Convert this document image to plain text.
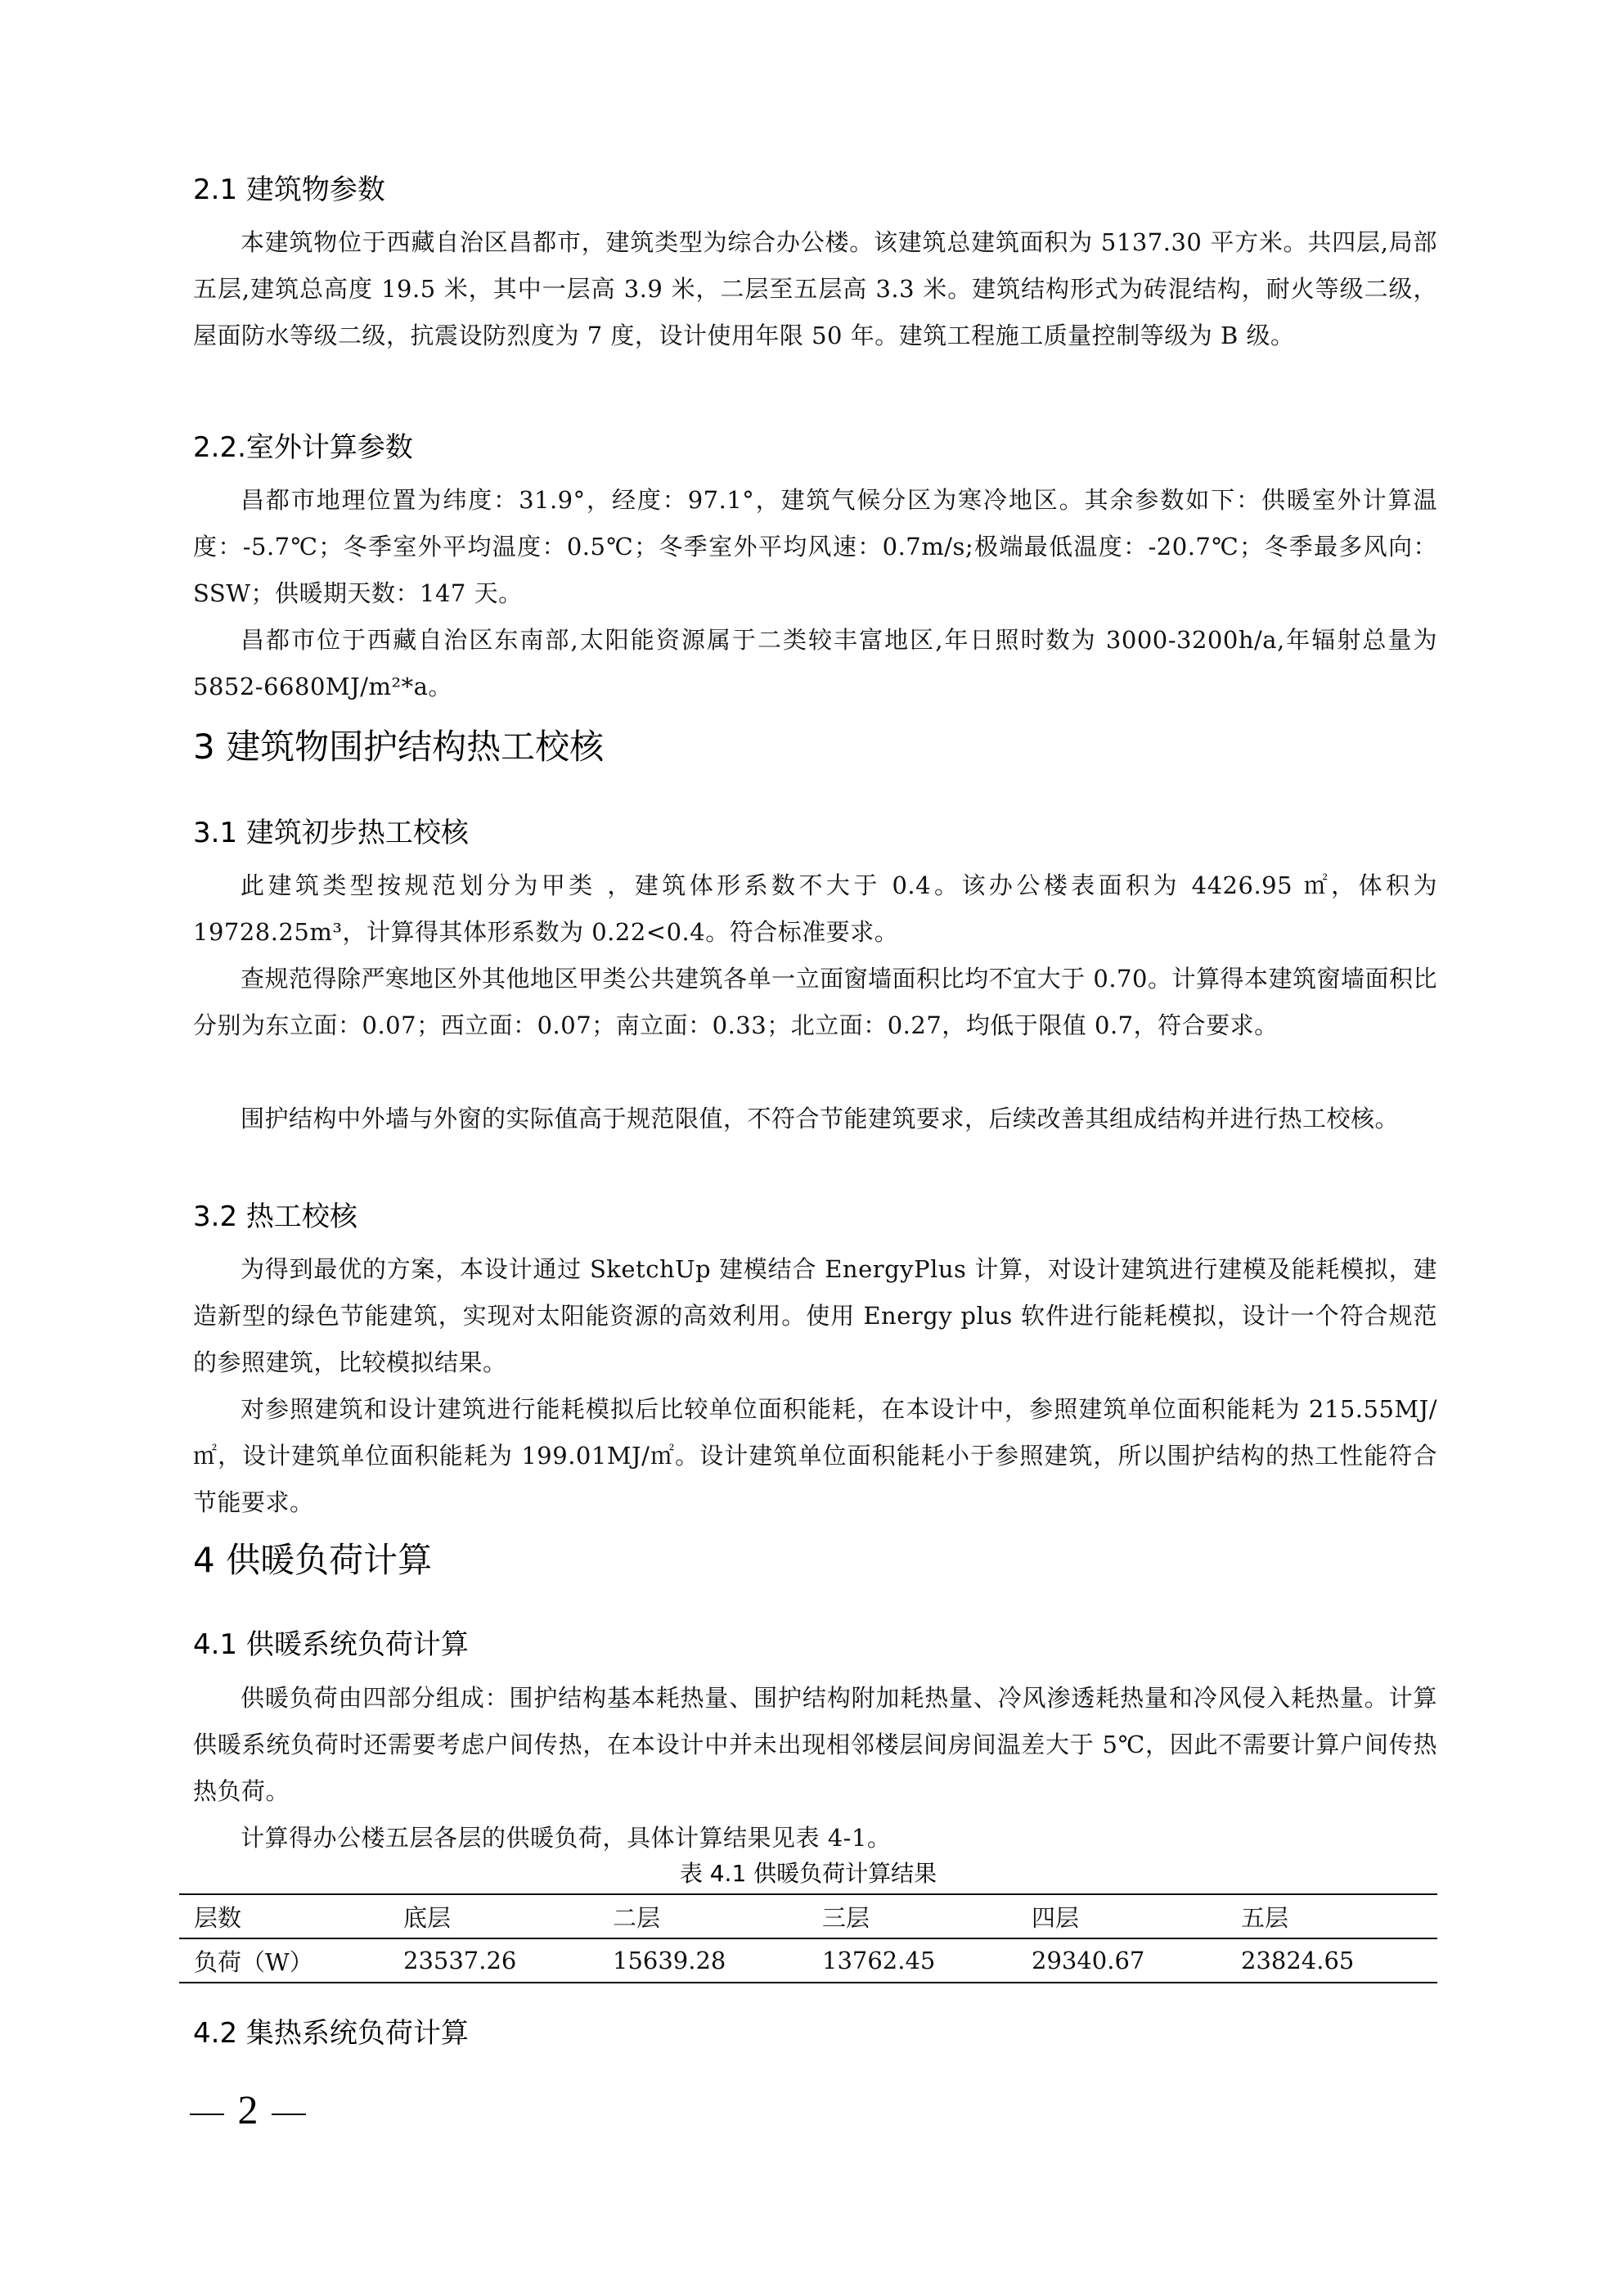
2.1 建筑物参数

本建筑物位于西藏自治区昌都市，建筑类型为综合办公楼。该建筑总建筑面积为 5137.30 平方米。共四层,局部五层,建筑总高度 19.5 米，其中一层高 3.9 米，二层至五层高 3.3 米。建筑结构形式为砖混结构，耐火等级二级，屋面防水等级二级，抗震设防烈度为 7 度，设计使用年限 50 年。建筑工程施工质量控制等级为 B 级。

2.2.室外计算参数

昌都市地理位置为纬度：31.9°，经度：97.1°，建筑气候分区为寒冷地区。其余参数如下：供暖室外计算温度：-5.7℃；冬季室外平均温度：0.5℃；冬季室外平均风速：0.7m/s;极端最低温度：-20.7℃；冬季最多风向：SSW；供暖期天数：147 天。

昌都市位于西藏自治区东南部,太阳能资源属于二类较丰富地区,年日照时数为 3000-3200h/a,年辐射总量为 5852-6680MJ/m²*a。

3 建筑物围护结构热工校核
3.1 建筑初步热工校核

此建筑类型按规范划分为甲类 ，建筑体形系数不大于 0.4。该办公楼表面积为 4426.95 ㎡，体积为 19728.25m³，计算得其体形系数为 0.22<0.4。符合标准要求。

查规范得除严寒地区外其他地区甲类公共建筑各单一立面窗墙面积比均不宜大于 0.70。计算得本建筑窗墙面积比分别为东立面：0.07；西立面：0.07；南立面：0.33；北立面：0.27，均低于限值 0.7，符合要求。

围护结构中外墙与外窗的实际值高于规范限值，不符合节能建筑要求，后续改善其组成结构并进行热工校核。

3.2 热工校核

为得到最优的方案，本设计通过 SketchUp 建模结合 EnergyPlus 计算，对设计建筑进行建模及能耗模拟，建造新型的绿色节能建筑，实现对太阳能资源的高效利用。使用 Energy plus 软件进行能耗模拟，设计一个符合规范的参照建筑，比较模拟结果。

对参照建筑和设计建筑进行能耗模拟后比较单位面积能耗，在本设计中，参照建筑单位面积能耗为 215.55MJ/㎡，设计建筑单位面积能耗为 199.01MJ/㎡。设计建筑单位面积能耗小于参照建筑，所以围护结构的热工性能符合节能要求。

4 供暖负荷计算
4.1 供暖系统负荷计算

供暖负荷由四部分组成：围护结构基本耗热量、围护结构附加耗热量、冷风渗透耗热量和冷风侵入耗热量。计算供暖系统负荷时还需要考虑户间传热，在本设计中并未出现相邻楼层间房间温差大于 5℃，因此不需要计算户间传热热负荷。

计算得办公楼五层各层的供暖负荷，具体计算结果见表 4-1。

表 4.1 供暖负荷计算结果
层数	底层	二层	三层	四层	五层
负荷（W）	23537.26	15639.28	13762.45	29340.67	23824.65
4.2 集热系统负荷计算
2
